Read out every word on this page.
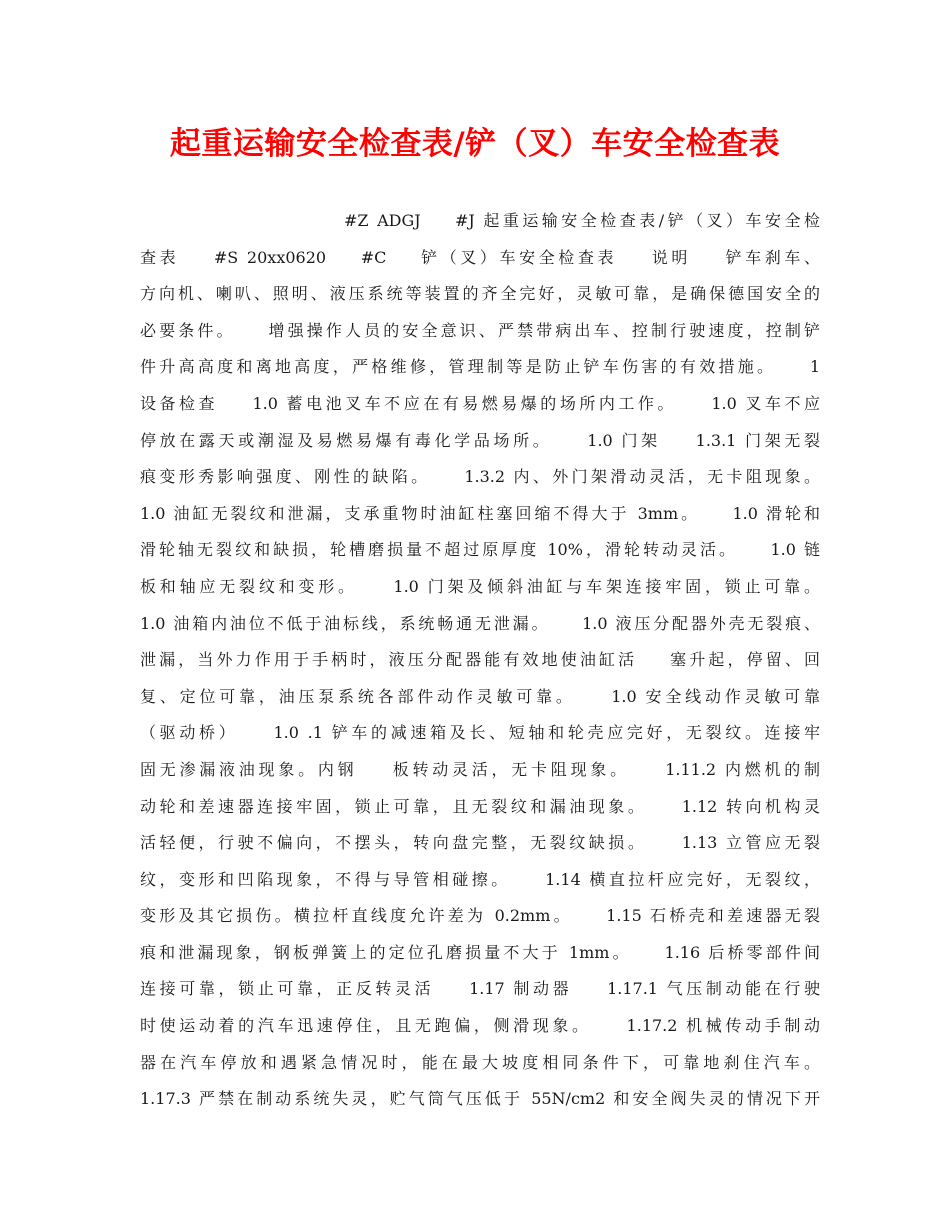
起重运输安全检查表/铲（叉）车安全检查表
#Z ADGJ    #J 起重运输安全检查表/铲（叉）车安全检
查表    #S 20xx0620    #C    铲（叉）车安全检查表    说明    铲车刹车、
方向机、喇叭、照明、液压系统等装置的齐全完好，灵敏可靠，是确保德国安全的
必要条件。    增强操作人员的安全意识、严禁带病出车、控制行驶速度，控制铲
件升高高度和离地高度，严格维修，管理制等是防止铲车伤害的有效措施。    1
设备检查    1.0 蓄电池叉车不应在有易燃易爆的场所内工作。    1.0 叉车不应
停放在露天或潮湿及易燃易爆有毒化学品场所。    1.0 门架    1.3.1 门架无裂
痕变形秀影响强度、刚性的缺陷。    1.3.2 内、外门架滑动灵活，无卡阻现象。
1.0 油缸无裂纹和泄漏，支承重物时油缸柱塞回缩不得大于 3mm。    1.0 滑轮和
滑轮轴无裂纹和缺损，轮槽磨损量不超过原厚度 10%，滑轮转动灵活。    1.0 链
板和轴应无裂纹和变形。    1.0 门架及倾斜油缸与车架连接牢固，锁止可靠。
1.0 油箱内油位不低于油标线，系统畅通无泄漏。    1.0 液压分配器外壳无裂痕、
泄漏，当外力作用于手柄时，液压分配器能有效地使油缸活    塞升起，停留、回
复、定位可靠，油压泵系统各部件动作灵敏可靠。    1.0 安全线动作灵敏可靠
（驱动桥）    1.0 .1 铲车的减速箱及长、短轴和轮壳应完好，无裂纹。连接牢
固无渗漏液油现象。内钢    板转动灵活，无卡阻现象。    1.11.2 内燃机的制
动轮和差速器连接牢固，锁止可靠，且无裂纹和漏油现象。    1.12 转向机构灵
活轻便，行驶不偏向，不摆头，转向盘完整，无裂纹缺损。    1.13 立管应无裂
纹，变形和凹陷现象，不得与导管相碰擦。    1.14 横直拉杆应完好，无裂纹，
变形及其它损伤。横拉杆直线度允许差为 0.2mm。    1.15 石桥壳和差速器无裂
痕和泄漏现象，钢板弹簧上的定位孔磨损量不大于 1mm。    1.16 后桥零部件间
连接可靠，锁止可靠，正反转灵活    1.17 制动器    1.17.1 气压制动能在行驶
时使运动着的汽车迅速停住，且无跑偏，侧滑现象。    1.17.2 机械传动手制动
器在汽车停放和遇紧急情况时，能在最大坡度相同条件下，可靠地刹住汽车。
1.17.3 严禁在制动系统失灵，贮气筒气压低于 55N/cm2 和安全阀失灵的情况下开
